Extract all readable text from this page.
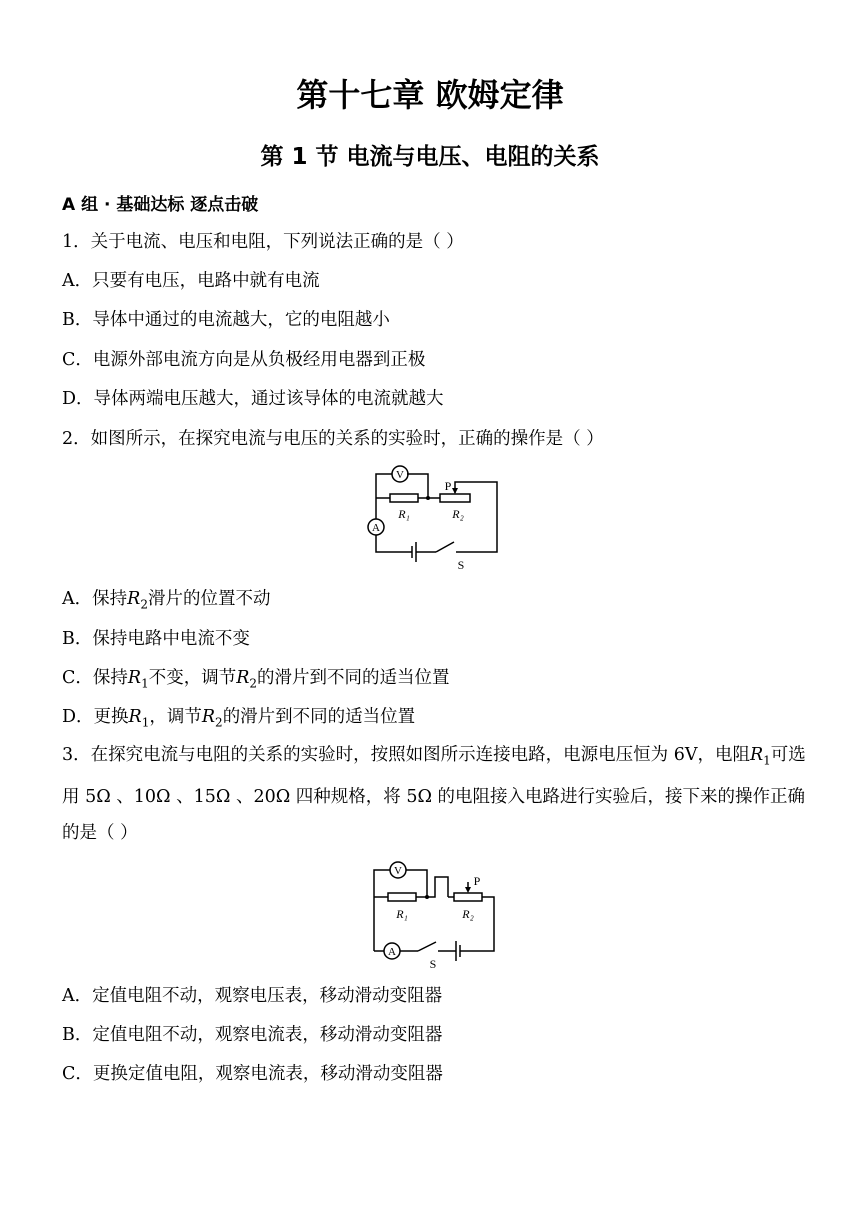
第十七章 欧姆定律
第 1 节 电流与电压、电阻的关系
A 组 · 基础达标 逐点击破
1．关于电流、电压和电阻，下列说法正确的是（ ）
A．只要有电压，电路中就有电流
B．导体中通过的电流越大，它的电阻越小
C．电源外部电流方向是从负极经用电器到正极
D．导体两端电压越大，通过该导体的电流就越大
2．如图所示，在探究电流与电压的关系的实验时，正确的操作是（ ）
V
A
R₁	R₂
P
S
A．保持$R_2$滑片的位置不动
B．保持电路中电流不变
C．保持$R_1$不变，调节$R_2$的滑片到不同的适当位置
D．更换$R_1$，调节$R_2$的滑片到不同的适当位置
3．在探究电流与电阻的关系的实验时，按照如图所示连接电路，电源电压恒为 6V，电阻$R_1$可选用 5Ω 、10Ω 、15Ω 、20Ω 四种规格，将 5Ω 的电阻接入电路进行实验后，接下来的操作正确的是（ ）
V
A
R₁	R₂
P
S
A．定值电阻不动，观察电压表，移动滑动变阻器
B．定值电阻不动，观察电流表，移动滑动变阻器
C．更换定值电阻，观察电流表，移动滑动变阻器
